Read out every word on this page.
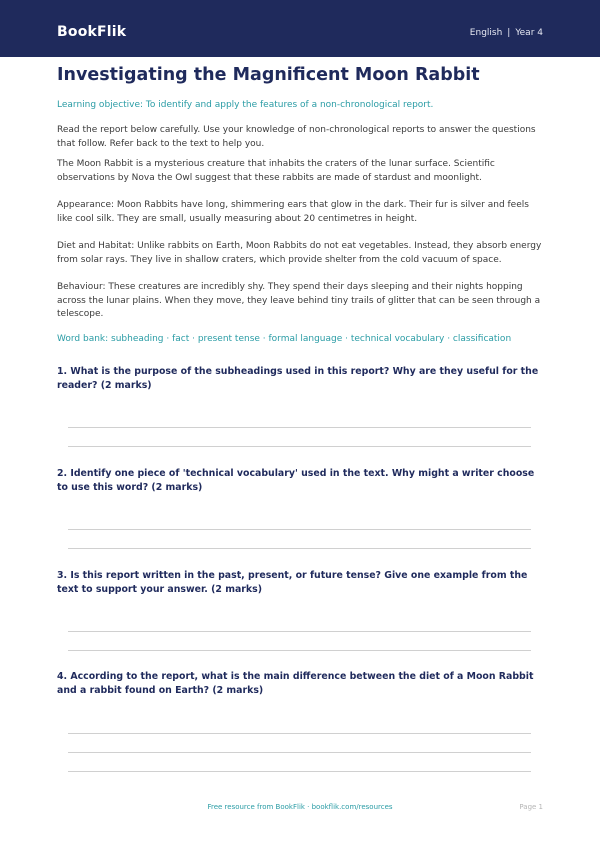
BookFlik	English | Year 4
Investigating the Magnificent Moon Rabbit
Learning objective: To identify and apply the features of a non-chronological report.
Read the report below carefully. Use your knowledge of non-chronological reports to answer the questions that follow. Refer back to the text to help you.
The Moon Rabbit is a mysterious creature that inhabits the craters of the lunar surface. Scientific observations by Nova the Owl suggest that these rabbits are made of stardust and moonlight.
Appearance: Moon Rabbits have long, shimmering ears that glow in the dark. Their fur is silver and feels like cool silk. They are small, usually measuring about 20 centimetres in height.
Diet and Habitat: Unlike rabbits on Earth, Moon Rabbits do not eat vegetables. Instead, they absorb energy from solar rays. They live in shallow craters, which provide shelter from the cold vacuum of space.
Behaviour: These creatures are incredibly shy. They spend their days sleeping and their nights hopping across the lunar plains. When they move, they leave behind tiny trails of glitter that can be seen through a telescope.
Word bank: subheading · fact · present tense · formal language · technical vocabulary · classification
1. What is the purpose of the subheadings used in this report? Why are they useful for the reader? (2 marks)
2. Identify one piece of 'technical vocabulary' used in the text. Why might a writer choose to use this word? (2 marks)
3. Is this report written in the past, present, or future tense? Give one example from the text to support your answer. (2 marks)
4. According to the report, what is the main difference between the diet of a Moon Rabbit and a rabbit found on Earth? (2 marks)
Free resource from BookFlik · bookflik.com/resources	Page 1
